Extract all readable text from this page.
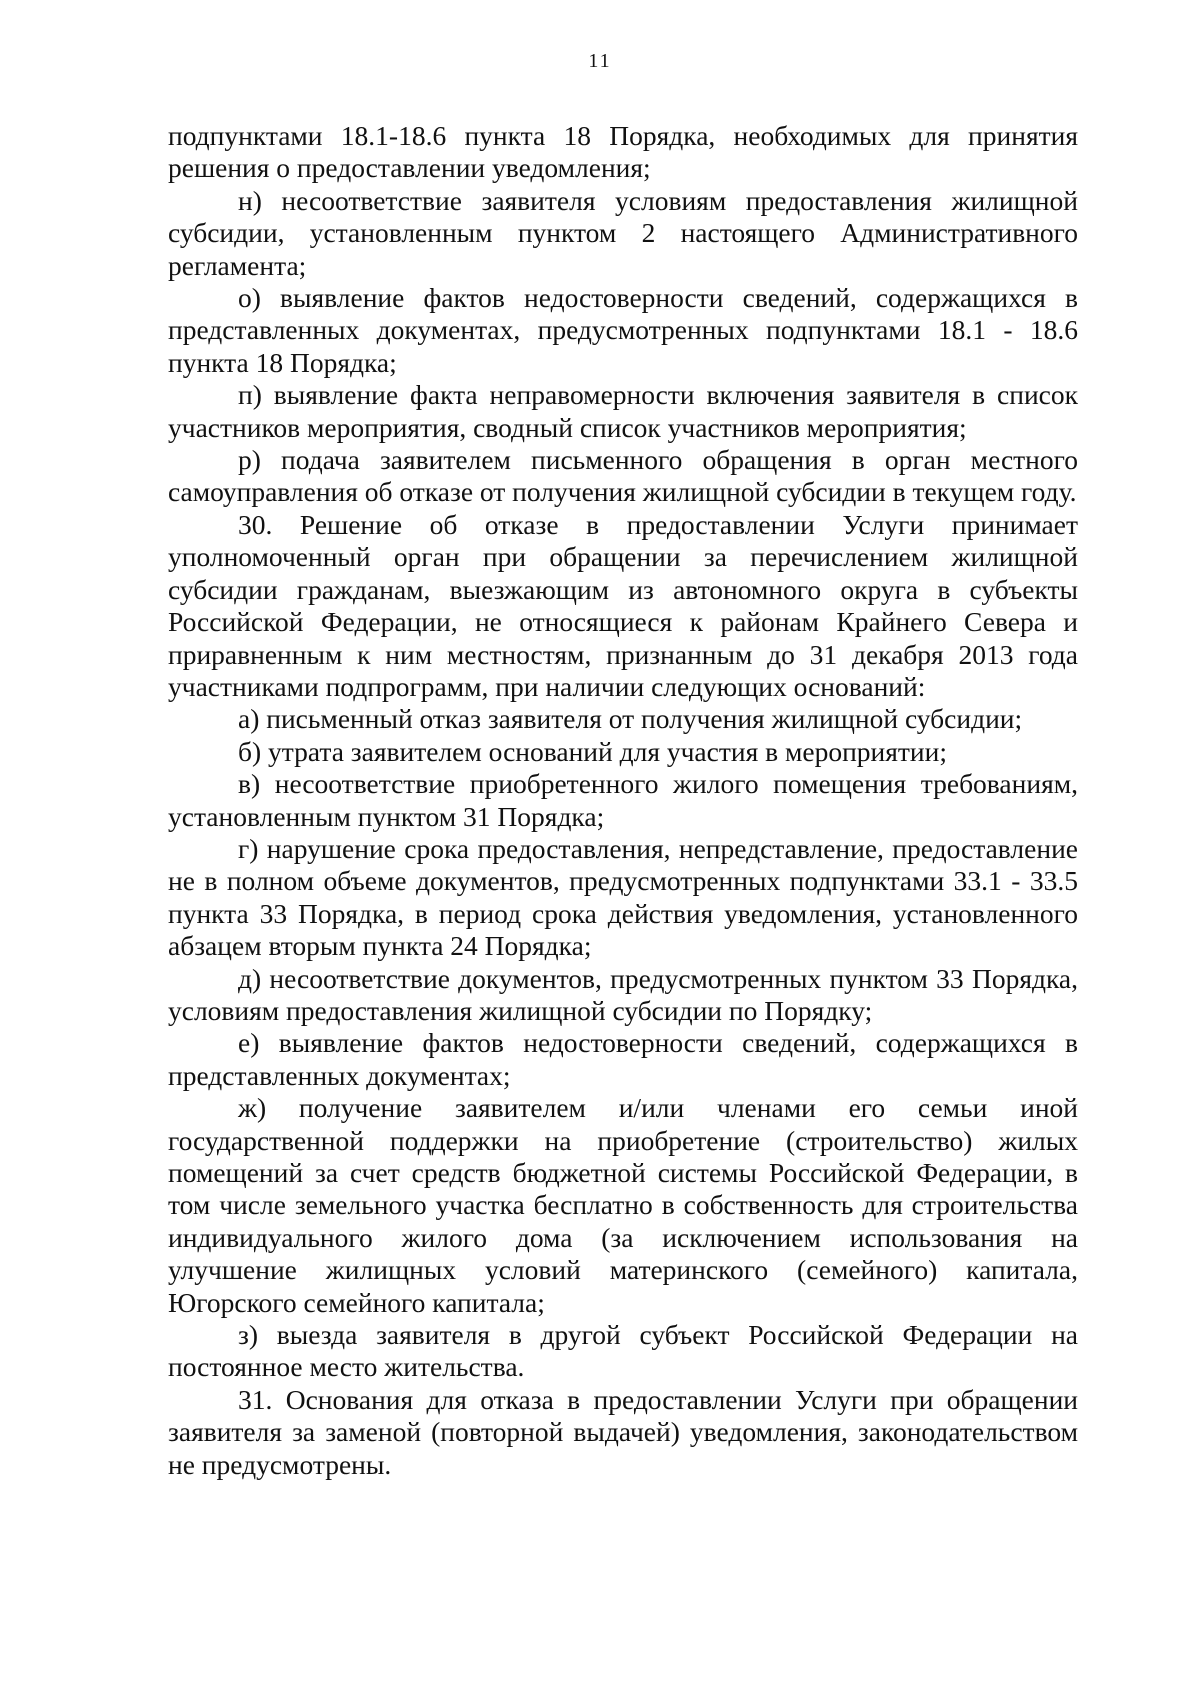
11

подпунктами 18.1-18.6 пункта 18 Порядка, необходимых для принятия решения о предоставлении уведомления;

н) несоответствие заявителя условиям предоставления жилищной субсидии, установленным пунктом 2 настоящего Административного регламента;

о) выявление фактов недостоверности сведений, содержащихся в представленных документах, предусмотренных подпунктами 18.1 - 18.6 пункта 18 Порядка;

п) выявление факта неправомерности включения заявителя в список участников мероприятия, сводный список участников мероприятия;

р) подача заявителем письменного обращения в орган местного самоуправления об отказе от получения жилищной субсидии в текущем году.

30. Решение об отказе в предоставлении Услуги принимает уполномоченный орган при обращении за перечислением жилищной субсидии гражданам, выезжающим из автономного округа в субъекты Российской Федерации, не относящиеся к районам Крайнего Севера и приравненным к ним местностям, признанным до 31 декабря 2013 года участниками подпрограмм, при наличии следующих оснований:

а) письменный отказ заявителя от получения жилищной субсидии;

б) утрата заявителем оснований для участия в мероприятии;

в) несоответствие приобретенного жилого помещения требованиям, установленным пунктом 31 Порядка;

г) нарушение срока предоставления, непредставление, предоставление не в полном объеме документов, предусмотренных подпунктами 33.1 - 33.5 пункта 33 Порядка, в период срока действия уведомления, установленного абзацем вторым пункта 24 Порядка;

д) несоответствие документов, предусмотренных пунктом 33 Порядка, условиям предоставления жилищной субсидии по Порядку;

е) выявление фактов недостоверности сведений, содержащихся в представленных документах;

ж) получение заявителем и/или членами его семьи иной государственной поддержки на приобретение (строительство) жилых помещений за счет средств бюджетной системы Российской Федерации, в том числе земельного участка бесплатно в собственность для строительства индивидуального жилого дома (за исключением использования на улучшение жилищных условий материнского (семейного) капитала, Югорского семейного капитала;

з) выезда заявителя в другой субъект Российской Федерации на постоянное место жительства.

31. Основания для отказа в предоставлении Услуги при обращении заявителя за заменой (повторной выдачей) уведомления, законодательством не предусмотрены.
